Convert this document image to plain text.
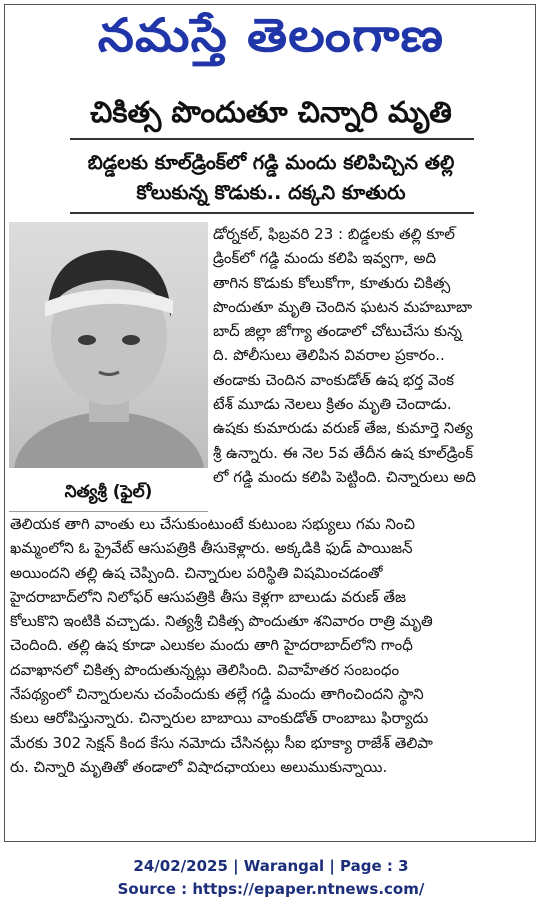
నమస్తే తెలంగాణ
చికిత్స పొందుతూ చిన్నారి మృతి
బిడ్డలకు కూల్‌డ్రింక్‌లో గడ్డి మందు కలిపిచ్చిన తల్లి
కోలుకున్న కొడుకు.. దక్కని కూతురు
నిత్యశ్రీ (ఫైల్)

డోర్నకల్, ఫిబ్రవరి 23 : బిడ్డలకు తల్లి కూల్

డ్రింక్‌లో గడ్డి మందు కలిపి ఇవ్వగా, అది

తాగిన కొడుకు కోలుకోగా, కూతురు చికిత్స

పొందుతూ మృతి చెందిన ఘటన మహబూబా

బాద్ జిల్లా జోగ్యా తండాలో చోటుచేసు కున్న

ది. పోలీసులు తెలిపిన వివరాల ప్రకారం..

తండాకు చెందిన వాంకుడోత్ ఉష భర్త వెంక

టేశ్ మూడు నెలలు క్రితం మృతి చెందాడు.

ఉషకు కుమారుడు వరుణ్ తేజ, కుమార్తె నిత్య

శ్రీ ఉన్నారు. ఈ నెల 5వ తేదీన ఉష కూల్‌డ్రింక్

లో గడ్డి మందు కలిపి పెట్టింది. చిన్నారులు అది

తెలియక తాగి వాంతు లు చేసుకుంటుంటే కుటుంబ సభ్యులు గమ నించి

ఖమ్మంలోని ఓ ప్రైవేట్ ఆసుపత్రికి తీసుకెళ్లారు. అక్కడికి ఫుడ్ పాయిజన్

అయిందని తల్లి ఉష చెప్పింది. చిన్నారుల పరిస్థితి విషమించడంతో

హైదరాబాద్‌లోని నిలోఫర్ ఆసుపత్రికి తీసు కెళ్లగా బాలుడు వరుణ్ తేజ

కోలుకొని ఇంటికి వచ్చాడు. నిత్యశ్రీ చికిత్స పొందుతూ శనివారం రాత్రి మృతి

చెందింది. తల్లి ఉష కూడా ఎలుకల మందు తాగి హైదరాబాద్‌లోని గాంధీ

దవాఖానలో చికిత్స పొందుతున్నట్లు తెలిసింది. వివాహేతర సంబంధం

నేపథ్యంలో చిన్నారులను చంపేందుకు తల్లే గడ్డి మందు తాగించిందని స్థాని

కులు ఆరోపిస్తున్నారు. చిన్నారుల బాబాయి వాంకుడోత్ రాంబాబు ఫిర్యాదు

మేరకు 302 సెక్షన్ కింద కేసు నమోదు చేసినట్లు సీఐ భూక్యా రాజేశ్ తెలిపా

రు. చిన్నారి మృతితో తండాలో విషాదఛాయలు అలుముకున్నాయి.

24/02/2025 | Warangal | Page : 3
Source : https://epaper.ntnews.com/
